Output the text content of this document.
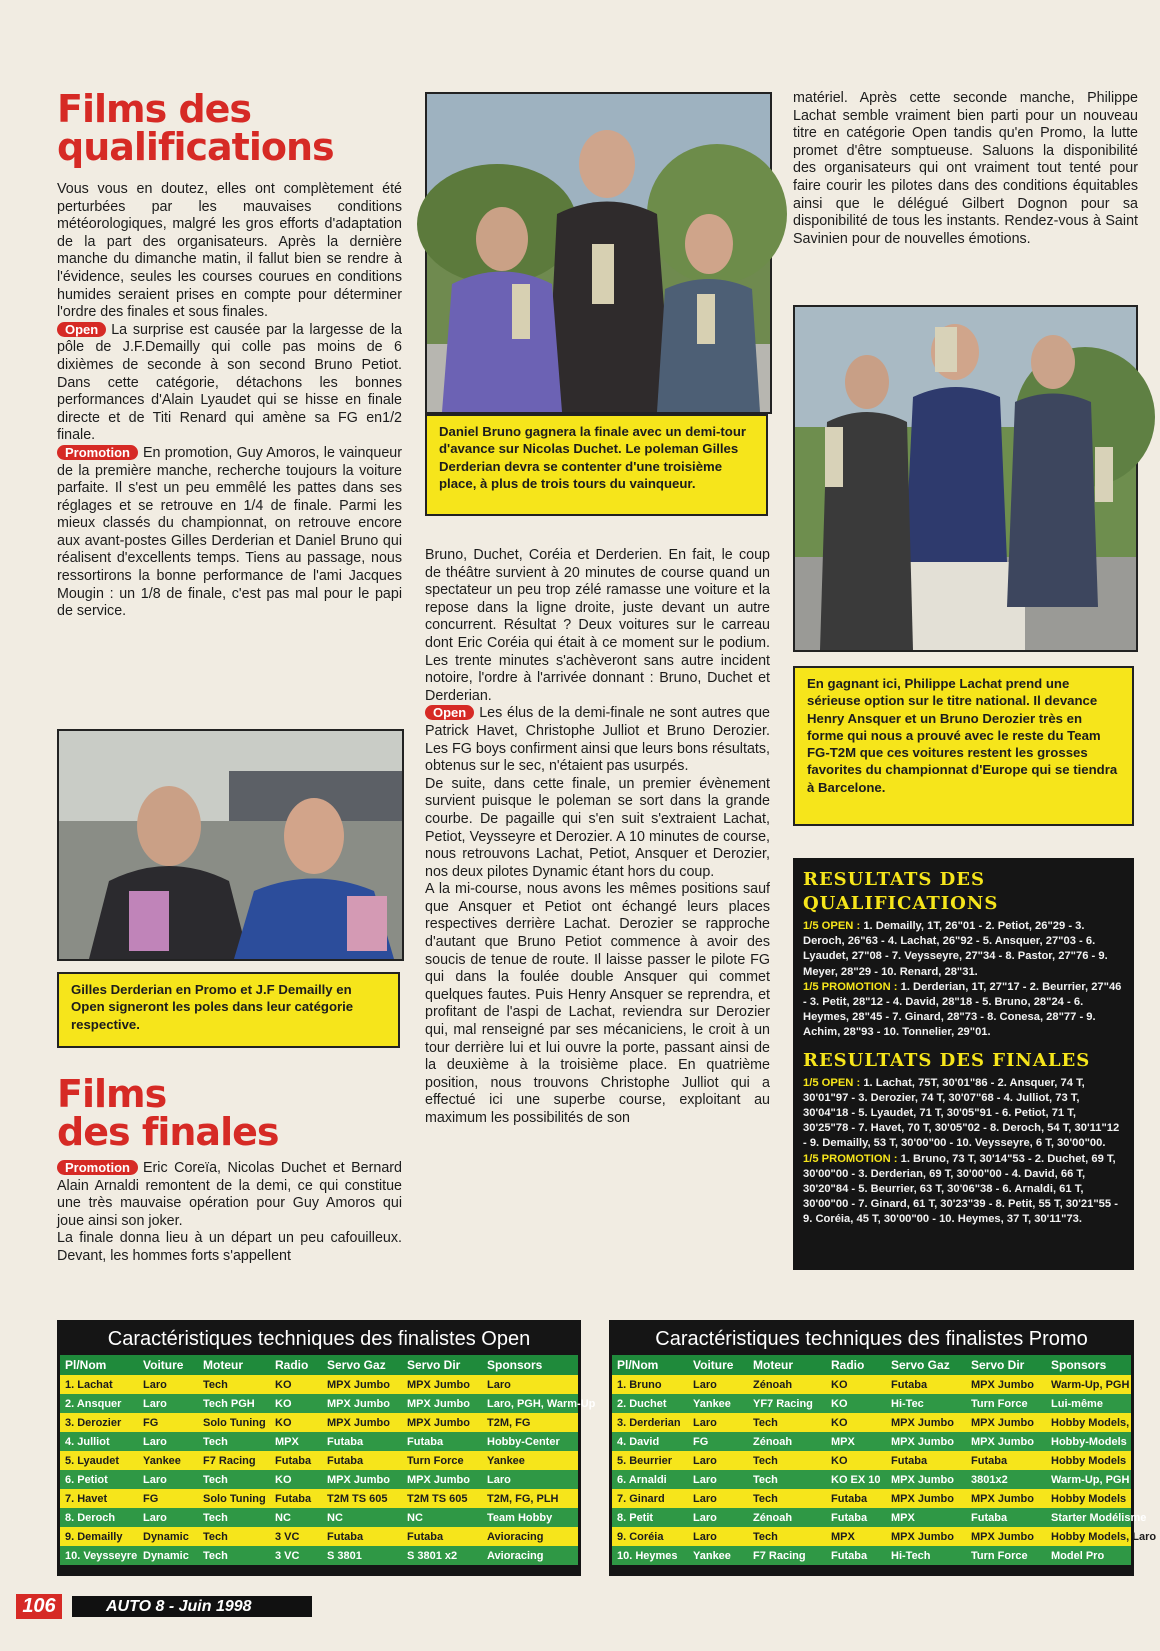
Films des
qualifications

Vous vous en doutez, elles ont complètement été perturbées par les mauvaises conditions météorologiques, malgré les gros efforts d'adaptation de la part des organisateurs. Après la dernière manche du dimanche matin, il fallut bien se rendre à l'évidence, seules les courses courues en conditions humides seraient prises en compte pour déterminer l'ordre des finales et sous finales.

Open La surprise est causée par la largesse de la pôle de J.F.Demailly qui colle pas moins de 6 dixièmes de seconde à son second Bruno Petiot. Dans cette catégorie, détachons les bonnes performances d'Alain Lyaudet qui se hisse en finale directe et de Titi Renard qui amène sa FG en1/2 finale.

Promotion En promotion, Guy Amoros, le vainqueur de la première manche, recherche toujours la voiture parfaite. Il s'est un peu emmêlé les pattes dans ses réglages et se retrouve en 1/4 de finale. Parmi les mieux classés du championnat, on retrouve encore aux avant-postes Gilles Derderian et Daniel Bruno qui réalisent d'excellents temps. Tiens au passage, nous ressortirons la bonne performance de l'ami Jacques Mougin : un 1/8 de finale, c'est pas mal pour le papi de service.

Gilles Derderian en Promo et J.F Demailly en Open signeront les poles dans leur catégorie respective.
Films
des finales

Promotion Eric Coreïa, Nicolas Duchet et Bernard Alain Arnaldi remontent de la demi, ce qui constitue une très mauvaise opération pour Guy Amoros qui joue ainsi son joker.

La finale donna lieu à un départ un peu cafouilleux. Devant, les hommes forts s'appellent

Daniel Bruno gagnera la finale avec un demi-tour d'avance sur Nicolas Duchet. Le poleman Gilles Derderian devra se contenter d'une troisième place, à plus de trois tours du vainqueur.

Bruno, Duchet, Coréia et Derderien. En fait, le coup de théâtre survient à 20 minutes de course quand un spectateur un peu trop zélé ramasse une voiture et la repose dans la ligne droite, juste devant un autre concurrent. Résultat ? Deux voitures sur le carreau dont Eric Coréia qui était à ce moment sur le podium. Les trente minutes s'achèveront sans autre incident notoire, l'ordre à l'arrivée donnant : Bruno, Duchet et Derderian.

Open Les élus de la demi-finale ne sont autres que Patrick Havet, Christophe Julliot et Bruno Derozier. Les FG boys confirment ainsi que leurs bons résultats, obtenus sur le sec, n'étaient pas usurpés.

De suite, dans cette finale, un premier évènement survient puisque le poleman se sort dans la grande courbe. De pagaille qui s'en suit s'extraient Lachat, Petiot, Veysseyre et Derozier. A 10 minutes de course, nous retrouvons Lachat, Petiot, Ansquer et Derozier, nos deux pilotes Dynamic étant hors du coup.

A la mi-course, nous avons les mêmes positions sauf que Ansquer et Petiot ont échangé leurs places respectives derrière Lachat. Derozier se rapproche d'autant que Bruno Petiot commence à avoir des soucis de tenue de route. Il laisse passer le pilote FG qui dans la foulée double Ansquer qui commet quelques fautes. Puis Henry Ansquer se reprendra, et profitant de l'aspi de Lachat, reviendra sur Derozier qui, mal renseigné par ses mécaniciens, le croit à un tour derrière lui et lui ouvre la porte, passant ainsi de la deuxième à la troisième place. En quatrième position, nous trouvons Christophe Julliot qui a effectué ici une superbe course, exploitant au maximum les possibilités de son

matériel. Après cette seconde manche, Philippe Lachat semble vraiment bien parti pour un nouveau titre en catégorie Open tandis qu'en Promo, la lutte promet d'être somptueuse. Saluons la disponibilité des organisateurs qui ont vraiment tout tenté pour faire courir les pilotes dans des conditions équitables ainsi que le délégué Gilbert Dognon pour sa disponibilité de tous les instants. Rendez-vous à Saint Savinien pour de nouvelles émotions.

En gagnant ici, Philippe Lachat prend une sérieuse option sur le titre national. Il devance Henry Ansquer et un Bruno Derozier très en forme qui nous a prouvé avec le reste du Team FG-T2M que ces voitures restent les grosses favorites du championnat d'Europe qui se tiendra à Barcelone.
RESULTATS DES QUALIFICATIONS

1/5 OPEN : 1. Demailly, 1T, 26"01 - 2. Petiot, 26"29 - 3. Deroch, 26"63 - 4. Lachat, 26"92 - 5. Ansquer, 27"03 - 6. Lyaudet, 27"08 - 7. Veysseyre, 27"34 - 8. Pastor, 27"76 - 9. Meyer, 28"29 - 10. Renard, 28"31.

1/5 PROMOTION : 1. Derderian, 1T, 27"17 - 2. Beurrier, 27"46 - 3. Petit, 28"12 - 4. David, 28"18 - 5. Bruno, 28"24 - 6. Heymes, 28"45 - 7. Ginard, 28"73 - 8. Conesa, 28"77 - 9. Achim, 28"93 - 10. Tonnelier, 29"01.

RESULTATS DES FINALES

1/5 OPEN : 1. Lachat, 75T, 30'01"86 - 2. Ansquer, 74 T, 30'01"97 - 3. Derozier, 74 T, 30'07"68 - 4. Julliot, 73 T, 30'04"18 - 5. Lyaudet, 71 T, 30'05"91 - 6. Petiot, 71 T, 30'25"78 - 7. Havet, 70 T, 30'05"02 - 8. Deroch, 54 T, 30'11"12 - 9. Demailly, 53 T, 30'00"00 - 10. Veysseyre, 6 T, 30'00"00.

1/5 PROMOTION : 1. Bruno, 73 T, 30'14"53 - 2. Duchet, 69 T, 30'00"00 - 3. Derderian, 69 T, 30'00"00 - 4. David, 66 T, 30'20"84 - 5. Beurrier, 63 T, 30'06"38 - 6. Arnaldi, 61 T, 30'00"00 - 7. Ginard, 61 T, 30'23"39 - 8. Petit, 55 T, 30'21"55 - 9. Coréia, 45 T, 30'00"00 - 10. Heymes, 37 T, 30'11"73.

Caractéristiques techniques des finalistes Open
Pl/Nom	Voiture	Moteur	Radio	Servo Gaz	Servo Dir	Sponsors
1. Lachat	Laro	Tech	KO	MPX Jumbo	MPX Jumbo	Laro
2. Ansquer	Laro	Tech PGH	KO	MPX Jumbo	MPX Jumbo	Laro, PGH, Warm-Up
3. Derozier	FG	Solo Tuning	KO	MPX Jumbo	MPX Jumbo	T2M, FG
4. Julliot	Laro	Tech	MPX	Futaba	Futaba	Hobby-Center
5. Lyaudet	Yankee	F7 Racing	Futaba	Futaba	Turn Force	Yankee
6. Petiot	Laro	Tech	KO	MPX Jumbo	MPX Jumbo	Laro
7. Havet	FG	Solo Tuning	Futaba	T2M TS 605	T2M TS 605	T2M, FG, PLH
8. Deroch	Laro	Tech	NC	NC	NC	Team Hobby
9. Demailly	Dynamic	Tech	3 VC	Futaba	Futaba	Avioracing
10. Veysseyre	Dynamic	Tech	3 VC	S 3801	S 3801 x2	Avioracing
Caractéristiques techniques des finalistes Promo
Pl/Nom	Voiture	Moteur	Radio	Servo Gaz	Servo Dir	Sponsors
1. Bruno	Laro	Zénoah	KO	Futaba	MPX Jumbo	Warm-Up, PGH
2. Duchet	Yankee	YF7 Racing	KO	Hi-Tec	Turn Force	Lui-même
3. Derderian	Laro	Tech	KO	MPX Jumbo	MPX Jumbo	Hobby Models,
4. David	FG	Zénoah	MPX	MPX Jumbo	MPX Jumbo	Hobby-Models
5. Beurrier	Laro	Tech	KO	Futaba	Futaba	Hobby Models
6. Arnaldi	Laro	Tech	KO EX 10	MPX Jumbo	3801x2	Warm-Up, PGH
7. Ginard	Laro	Tech	Futaba	MPX Jumbo	MPX Jumbo	Hobby Models
8. Petit	Laro	Zénoah	Futaba	MPX	Futaba	Starter Modélisme
9. Coréia	Laro	Tech	MPX	MPX Jumbo	MPX Jumbo	Hobby Models, Laro
10. Heymes	Yankee	F7 Racing	Futaba	Hi-Tech	Turn Force	Model Pro
106	AUTO 8 - Juin 1998
